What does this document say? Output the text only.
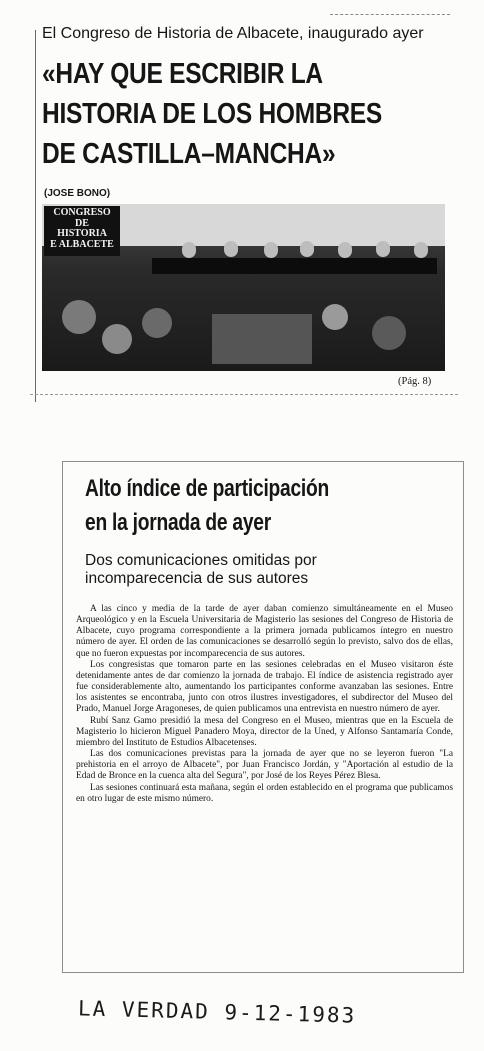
El Congreso de Historia de Albacete, inaugurado ayer
«HAY QUE ESCRIBIR LA
HISTORIA DE LOS HOMBRES
DE CASTILLA–MANCHA»
(JOSE BONO)
CONGRESO
DE
HISTORIA
E ALBACETE
(Pág. 8)
Alto índice de participación
en la jornada de ayer
Dos comunicaciones omitidas por
incomparecencia de sus autores

A las cinco y media de la tarde de ayer daban comienzo simultáneamente en el Museo Arqueológico y en la Escuela Universitaria de Magisterio las sesiones del Congreso de Historia de Albacete, cuyo programa correspondiente a la primera jornada publicamos íntegro en nuestro número de ayer. El orden de las comunicaciones se desarrolló según lo previsto, salvo dos de ellas, que no fueron expuestas por incomparecencia de sus autores.

Los congresistas que tomaron parte en las sesiones celebradas en el Museo visitaron éste detenidamente antes de dar comienzo la jornada de trabajo. El índice de asistencia registrado ayer fue considerablemente alto, aumentando los participantes conforme avanzaban las sesiones. Entre los asistentes se encontraba, junto con otros ilustres investigadores, el subdirector del Museo del Prado, Manuel Jorge Aragoneses, de quien publicamos una entrevista en nuestro número de ayer.

Rubí Sanz Gamo presidió la mesa del Congreso en el Museo, mientras que en la Escuela de Magisterio lo hicieron Miguel Panadero Moya, director de la Uned, y Alfonso Santamaría Conde, miembro del Instituto de Estudios Albacetenses.

Las dos comunicaciones previstas para la jornada de ayer que no se leyeron fueron "La prehistoria en el arroyo de Albacete", por Juan Francisco Jordán, y "Aportación al estudio de la Edad de Bronce en la cuenca alta del Segura", por José de los Reyes Pérez Blesa.

Las sesiones continuará esta mañana, según el orden establecido en el programa que publicamos en otro lugar de este mismo número.

LA VERDAD 9-12-1983
